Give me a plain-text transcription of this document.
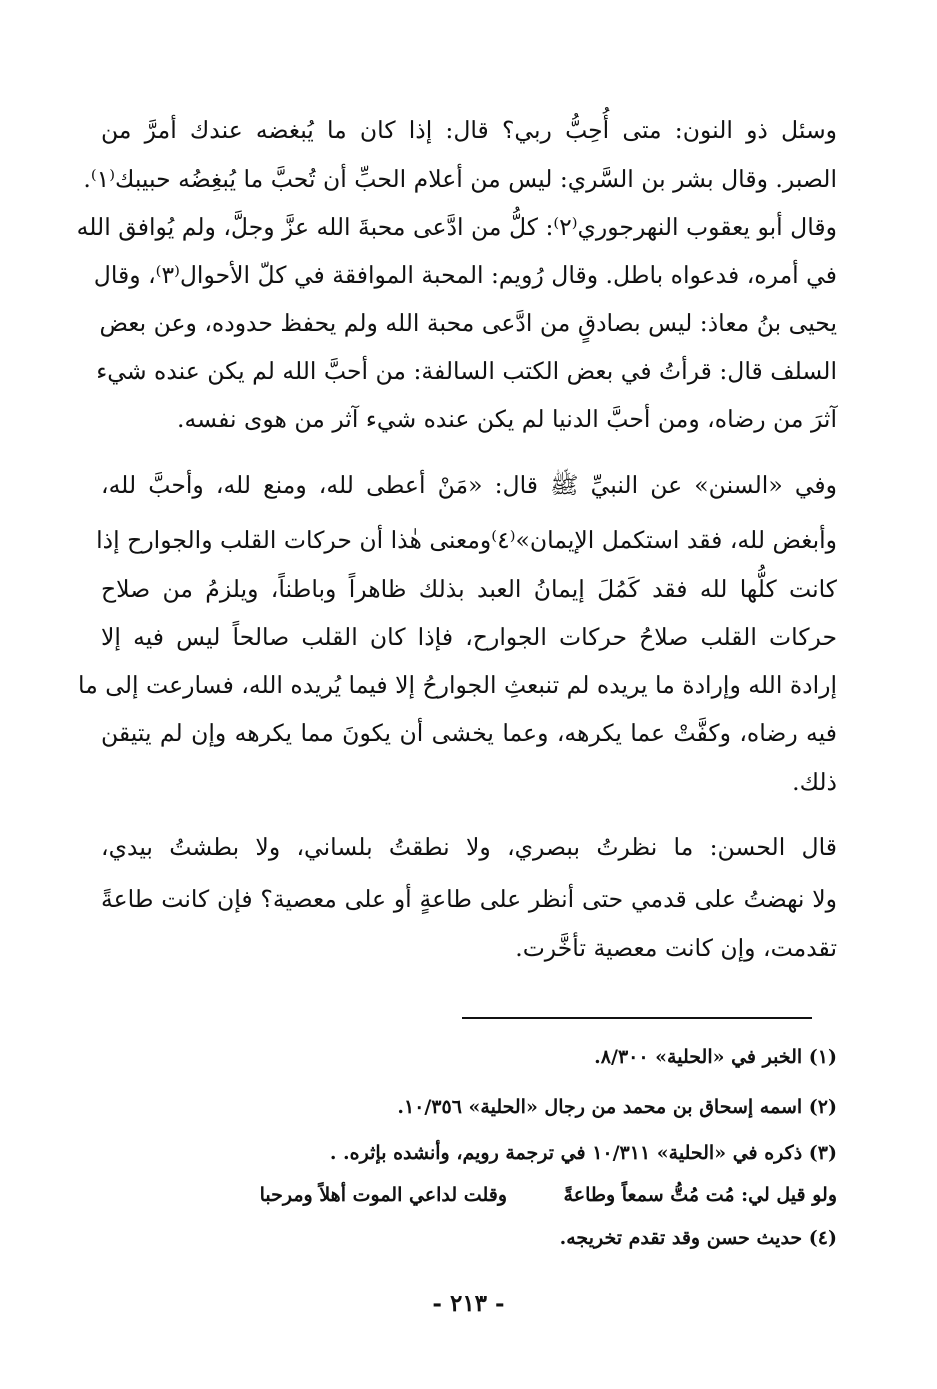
وسئل ذو النون: متى أُحِبُّ ربي؟ قال: إذا كان ما يُبغضه عندك أمرَّ من
الصبر. وقال بشر بن السَّري: ليس من أعلام الحبِّ أن تُحبَّ ما يُبغِضُه حبيبك⁽١⁾.
وقال أبو يعقوب النهرجوري⁽٢⁾: كلُّ من ادَّعى محبةَ الله عزَّ وجلَّ، ولم يُوافق الله
في أمره، فدعواه باطل. وقال رُويم: المحبة الموافقة في كلّ الأحوال⁽٣⁾، وقال
يحيى بنُ معاذ: ليس بصادقٍ من ادَّعى محبة الله ولم يحفظ حدوده، وعن بعض
السلف قال: قرأتُ في بعض الكتب السالفة: من أحبَّ الله لم يكن عنده شيء
آثرَ من رضاه، ومن أحبَّ الدنيا لم يكن عنده شيء آثر من هوى نفسه.
وفي «السنن» عن النبيِّ ﷺ قال: «مَنْ أعطى لله، ومنع لله، وأحبَّ لله،
وأبغض لله، فقد استكمل الإيمان»⁽٤⁾ومعنى هٰذا أن حركات القلب والجوارح إذا
كانت كلُّها لله فقد كَمُلَ إيمانُ العبد بذلك ظاهراً وباطناً، ويلزمُ من صلاح
حركات القلب صلاحُ حركات الجوارح، فإذا كان القلب صالحاً ليس فيه إلا
إرادة الله وإرادة ما يريده لم تنبعثِ الجوارحُ إلا فيما يُريده الله، فسارعت إلى ما
فيه رضاه، وكفَّتْ عما يكرهه، وعما يخشى أن يكونَ مما يكرهه وإن لم يتيقن
ذلك.
قال الحسن: ما نظرتُ ببصري، ولا نطقتُ بلساني، ولا بطشتُ بيدي،
ولا نهضتُ على قدمي حتى أنظر على طاعةٍ أو على معصية؟ فإن كانت طاعةً
تقدمت، وإن كانت معصية تأخَّرت.
(١) الخبر في «الحلية» ٨/٣٠٠.
(٢) اسمه إسحاق بن محمد من رجال «الحلية» ١٠/٣٥٦.
(٣) ذكره في «الحلية» ١٠/٣١١ في ترجمة رويم، وأنشده بإثره. .
ولو قيل لي: مُت مُتُّ سمعاً وطاعةً
وقلت لداعي الموت أهلاً ومرحبا
(٤) حديث حسن وقد تقدم تخريجه.
- ٢١٣ -
